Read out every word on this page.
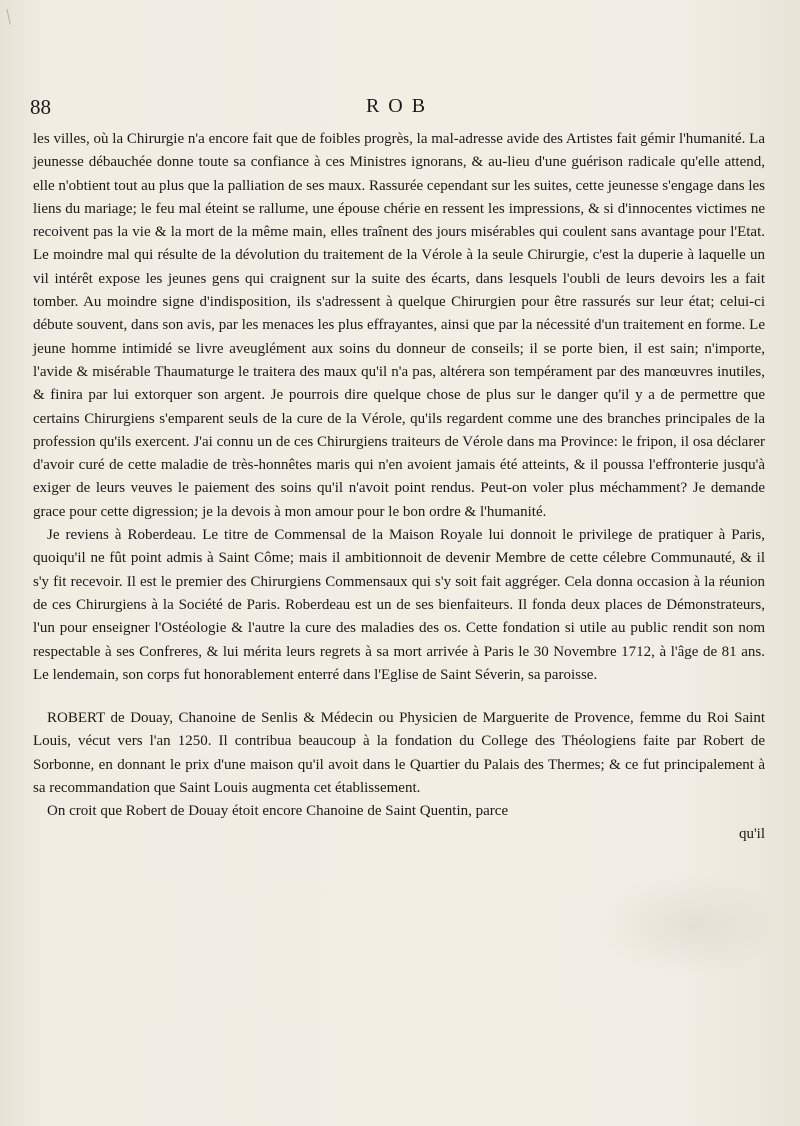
88	ROB

les villes, où la Chirurgie n'a encore fait que de foibles progrès, la mal-adresse avide des Artistes fait gémir l'humanité. La jeunesse débauchée donne toute sa confiance à ces Ministres ignorans, & au-lieu d'une guérison radicale qu'elle attend, elle n'obtient tout au plus que la palliation de ses maux. Rassurée cependant sur les suites, cette jeunesse s'engage dans les liens du mariage; le feu mal éteint se rallume, une épouse chérie en ressent les impressions, & si d'innocentes victimes ne recoivent pas la vie & la mort de la même main, elles traînent des jours misérables qui coulent sans avantage pour l'Etat. Le moindre mal qui résulte de la dévolution du traitement de la Vérole à la seule Chirurgie, c'est la duperie à laquelle un vil intérêt expose les jeunes gens qui craignent sur la suite des écarts, dans lesquels l'oubli de leurs devoirs les a fait tomber. Au moindre signe d'indisposition, ils s'adressent à quelque Chirurgien pour être rassurés sur leur état; celui-ci débute souvent, dans son avis, par les menaces les plus effrayantes, ainsi que par la nécessité d'un traitement en forme. Le jeune homme intimidé se livre aveuglément aux soins du donneur de conseils; il se porte bien, il est sain; n'importe, l'avide & misérable Thaumaturge le traitera des maux qu'il n'a pas, altérera son tempérament par des manœuvres inutiles, & finira par lui extorquer son argent. Je pourrois dire quelque chose de plus sur le danger qu'il y a de permettre que certains Chirurgiens s'emparent seuls de la cure de la Vérole, qu'ils regardent comme une des branches principales de la profession qu'ils exercent. J'ai connu un de ces Chirurgiens traiteurs de Vérole dans ma Province: le fripon, il osa déclarer d'avoir curé de cette maladie de très-honnêtes maris qui n'en avoient jamais été atteints, & il poussa l'effronterie jusqu'à exiger de leurs veuves le paiement des soins qu'il n'avoit point rendus. Peut-on voler plus méchamment? Je demande grace pour cette digression; je la devois à mon amour pour le bon ordre & l'humanité.

Je reviens à Roberdeau. Le titre de Commensal de la Maison Royale lui donnoit le privilege de pratiquer à Paris, quoiqu'il ne fût point admis à Saint Côme; mais il ambitionnoit de devenir Membre de cette célebre Communauté, & il s'y fit recevoir. Il est le premier des Chirurgiens Commensaux qui s'y soit fait aggréger. Cela donna occasion à la réunion de ces Chirurgiens à la Société de Paris. Roberdeau est un de ses bienfaiteurs. Il fonda deux places de Démonstrateurs, l'un pour enseigner l'Ostéologie & l'autre la cure des maladies des os. Cette fondation si utile au public rendit son nom respectable à ses Confreres, & lui mérita leurs regrets à sa mort arrivée à Paris le 30 Novembre 1712, à l'âge de 81 ans. Le lendemain, son corps fut honorablement enterré dans l'Eglise de Saint Séverin, sa paroisse.

ROBERT de Douay, Chanoine de Senlis & Médecin ou Physicien de Marguerite de Provence, femme du Roi Saint Louis, vécut vers l'an 1250. Il contribua beaucoup à la fondation du College des Théologiens faite par Robert de Sorbonne, en donnant le prix d'une maison qu'il avoit dans le Quartier du Palais des Thermes; & ce fut principalement à sa recommandation que Saint Louis augmenta cet établissement.

On croit que Robert de Douay étoit encore Chanoine de Saint Quentin, parce

qu'il
